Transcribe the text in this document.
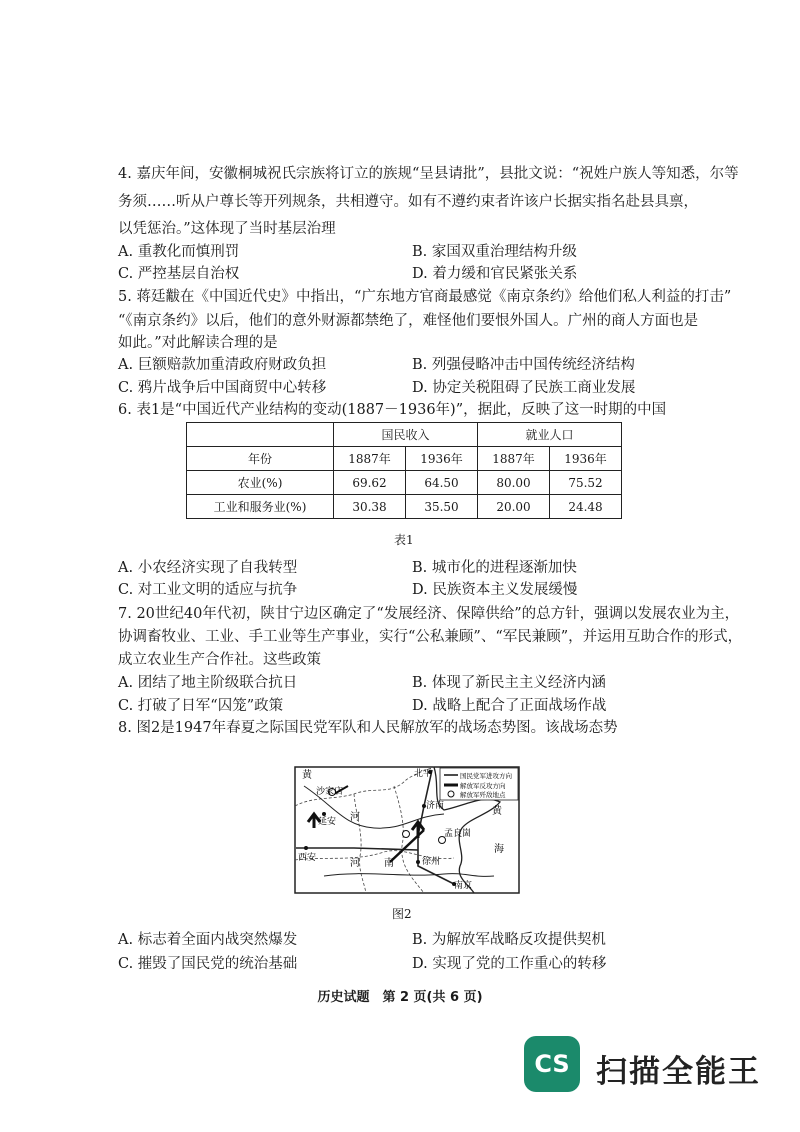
4. 嘉庆年间，安徽桐城祝氏宗族将订立的族规“呈县请批”，县批文说：“祝姓户族人等知悉，尔等
务须……听从户尊长等开列规条，共相遵守。如有不遵约束者许该户长据实指名赴县具禀，
以凭惩治。”这体现了当时基层治理
A. 重教化而慎刑罚	B. 家国双重治理结构升级
C. 严控基层自治权	D. 着力缓和官民紧张关系
5. 蒋廷黻在《中国近代史》中指出，“广东地方官商最感觉《南京条约》给他们私人利益的打击”
“《南京条约》以后，他们的意外财源都禁绝了，难怪他们要恨外国人。广州的商人方面也是
如此。”对此解读合理的是
A. 巨额赔款加重清政府财政负担	B. 列强侵略冲击中国传统经济结构
C. 鸦片战争后中国商贸中心转移	D. 协定关税阻碍了民族工商业发展
6. 表1是“中国近代产业结构的变动(1887－1936年)”，据此，反映了这一时期的中国
	国民收入		就业人口	
年份	1887年	1936年	1887年	1936年
农业(%)	69.62	64.50	80.00	75.52
工业和服务业(%)	30.38	35.50	20.00	24.48
表1
A. 小农经济实现了自我转型	B. 城市化的进程逐渐加快
C. 对工业文明的适应与抗争	D. 民族资本主义发展缓慢
7. 20世纪40年代初，陕甘宁边区确定了“发展经济、保障供给”的总方针，强调以发展农业为主，
协调畜牧业、工业、手工业等生产事业，实行“公私兼顾”、“军民兼顾”，并运用互助合作的形式，
成立农业生产合作社。这些政策
A. 团结了地主阶级联合抗日	B. 体现了新民主主义经济内涵
C. 打破了日军“囚笼”政策	D. 战略上配合了正面战场作战
8. 图2是1947年春夏之际国民党军队和人民解放军的战场态势图。该战场态势
国民党军进攻方向
解放军反攻方向
解放军歼敌地点
北平
沙家店
延安
济南
西安	徐州
南京
孟良崮
黄
河
河 南
黄
海
图2
A. 标志着全面内战突然爆发	B. 为解放军战略反攻提供契机
C. 摧毁了国民党的统治基础	D. 实现了党的工作重心的转移
历史试题　第 2 页(共 6 页)
CS 扫描全能王
